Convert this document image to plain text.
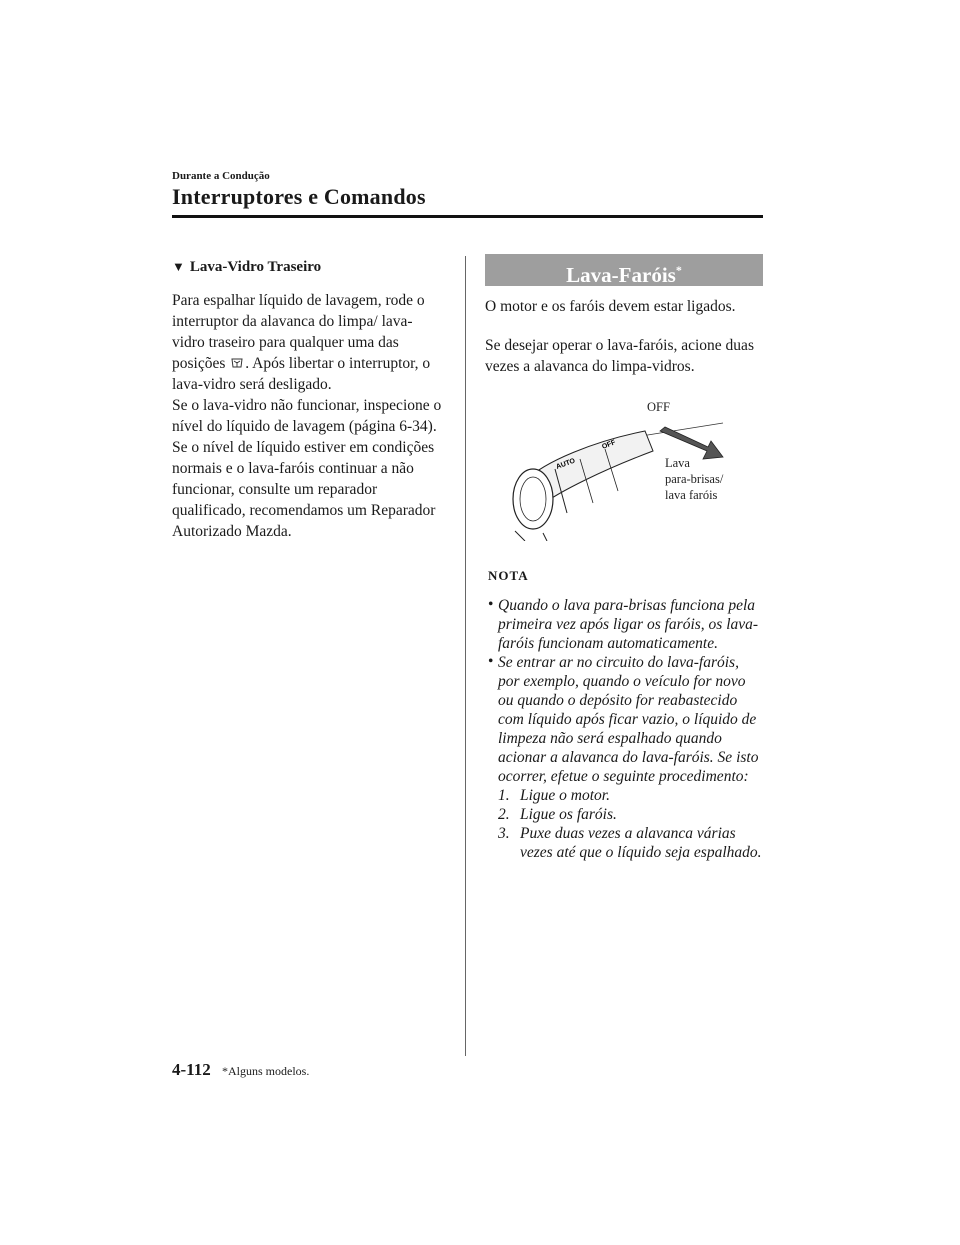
Durante a Condução
Interruptores e Comandos
▼ Lava-Vidro Traseiro

Para espalhar líquido de lavagem, rode o interruptor da alavanca do limpa/ lava-vidro traseiro para qualquer uma das posições . Após libertar o interruptor, o lava-vidro será desligado.

Se o lava-vidro não funcionar, inspecione o nível do líquido de lavagem (página 6-34). Se o nível de líquido estiver em condições normais e o lava-faróis continuar a não funcionar, consulte um reparador qualificado, recomendamos um Reparador Autorizado Mazda.

Lava-Faróis*

O motor e os faróis devem estar ligados.

Se desejar operar o lava-faróis, acione duas vezes a alavanca do limpa-vidros.

AUTO
OFF
OFF
Lava
para-brisas/
lava faróis
NOTA
• Quando o lava para-brisas funciona pela primeira vez após ligar os faróis, os lava-faróis funcionam automaticamente.
• Se entrar ar no circuito do lava-faróis, por exemplo, quando o veículo for novo ou quando o depósito for reabastecido com líquido após ficar vazio, o líquido de limpeza não será espalhado quando acionar a alavanca do lava-faróis. Se isto ocorrer, efetue o seguinte procedimento:
1. Ligue o motor.
2. Ligue os faróis.
3. Puxe duas vezes a alavanca várias vezes até que o líquido seja espalhado.
4-112 *Alguns modelos.
